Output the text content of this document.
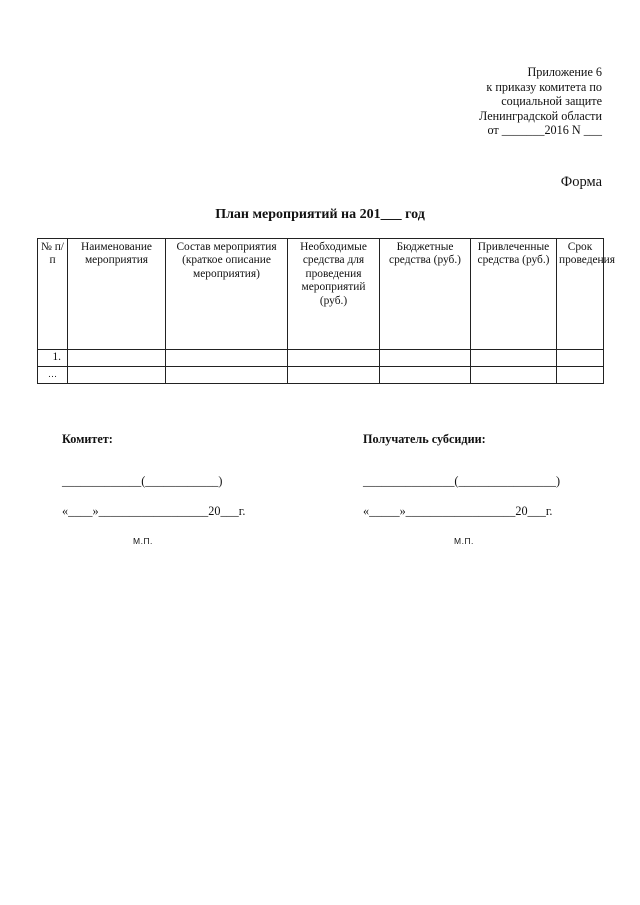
Приложение 6
к приказу комитета по
социальной защите
Ленинградской области
от _______2016 N ___
Форма
План мероприятий на 201___ год
№ п/п	Наименование мероприятия	Состав мероприятия (краткое описание мероприятия)	Необходимые средства для проведения мероприятий (руб.)	Бюджетные средства (руб.)	Привлеченные средства (руб.)	Срок проведения
1.						
…						
Комитет:
_____________(____________)
«____»__________________20___г.
М.П.
Получатель субсидии:
_______________(________________)
«_____»__________________20___г.
М.П.
